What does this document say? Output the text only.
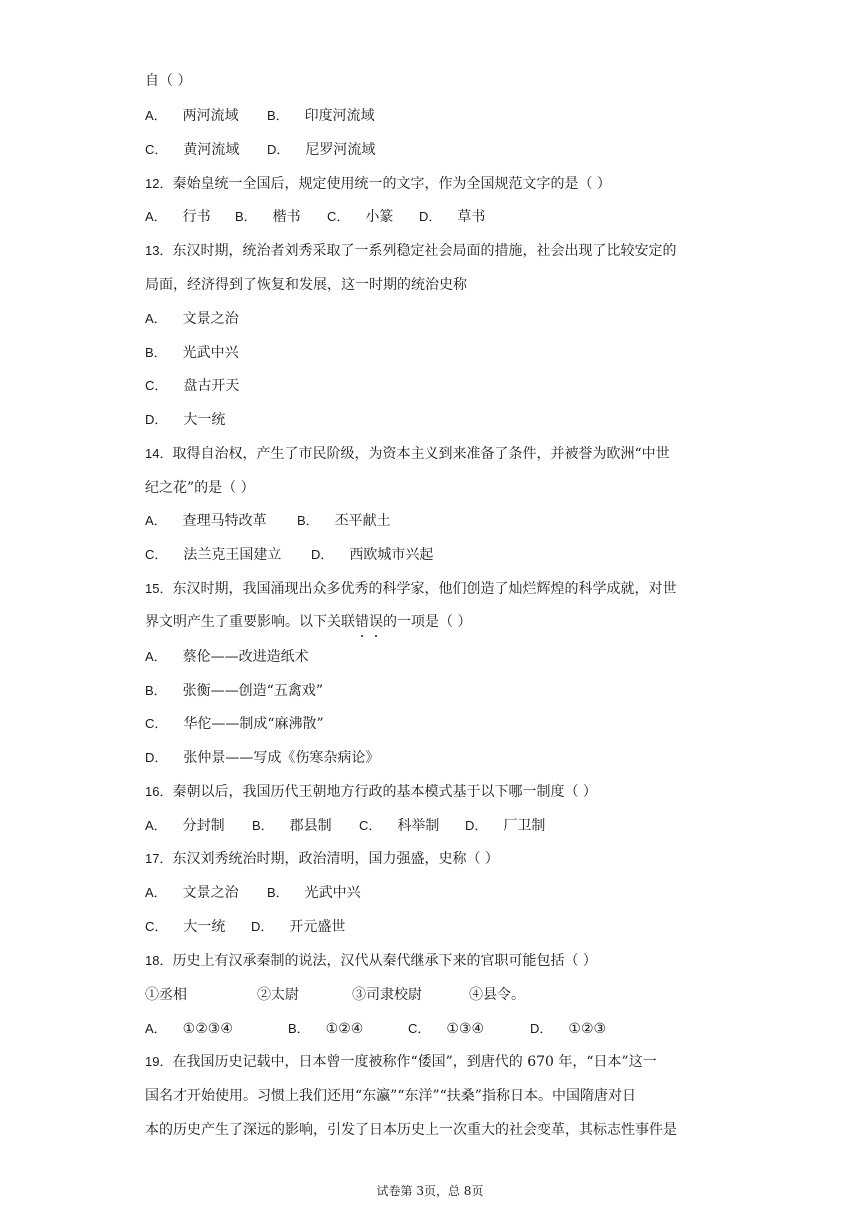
自（ ）
A． 两河流域 B． 印度河流域
C． 黄河流域 D． 尼罗河流域
12．秦始皇统一全国后，规定使用统一的文字，作为全国规范文字的是（ ）
A． 行书 B． 楷书 C． 小篆 D． 草书
13．东汉时期，统治者刘秀采取了一系列稳定社会局面的措施，社会出现了比较安定的
局面，经济得到了恢复和发展，这一时期的统治史称
A． 文景之治
B． 光武中兴
C． 盘古开天
D． 大一统
14．取得自治权，产生了市民阶级，为资本主义到来准备了条件，并被誉为欧洲“中世
纪之花”的是（ ）
A． 查理马特改革 B． 丕平献土
C． 法兰克王国建立 D． 西欧城市兴起
15．东汉时期，我国涌现出众多优秀的科学家，他们创造了灿烂辉煌的科学成就，对世
界文明产生了重要影响。以下关联错误的一项是（ ）
A． 蔡伦——改进造纸术
B． 张衡——创造“五禽戏”
C． 华佗——制成“麻沸散”
D． 张仲景——写成《伤寒杂病论》
16．秦朝以后，我国历代王朝地方行政的基本模式基于以下哪一制度（ ）
A． 分封制 B． 郡县制 C． 科举制 D． 厂卫制
17．东汉刘秀统治时期，政治清明，国力强盛，史称（ ）
A． 文景之治 B． 光武中兴
C． 大一统 D． 开元盛世
18．历史上有汉承秦制的说法，汉代从秦代继承下来的官职可能包括（ ）
①丞相	②太尉	③司隶校尉	④县令。
A． ①②③④	B． ①②④	C． ①③④	D． ①②③
19．在我国历史记载中，日本曾一度被称作“倭国”，到唐代的 670 年，“日本”这一
国名才开始使用。习惯上我们还用“东瀛”“东洋”“扶桑”指称日本。中国隋唐对日
本的历史产生了深远的影响，引发了日本历史上一次重大的社会变革，其标志性事件是
试卷第 3页，总 8页
